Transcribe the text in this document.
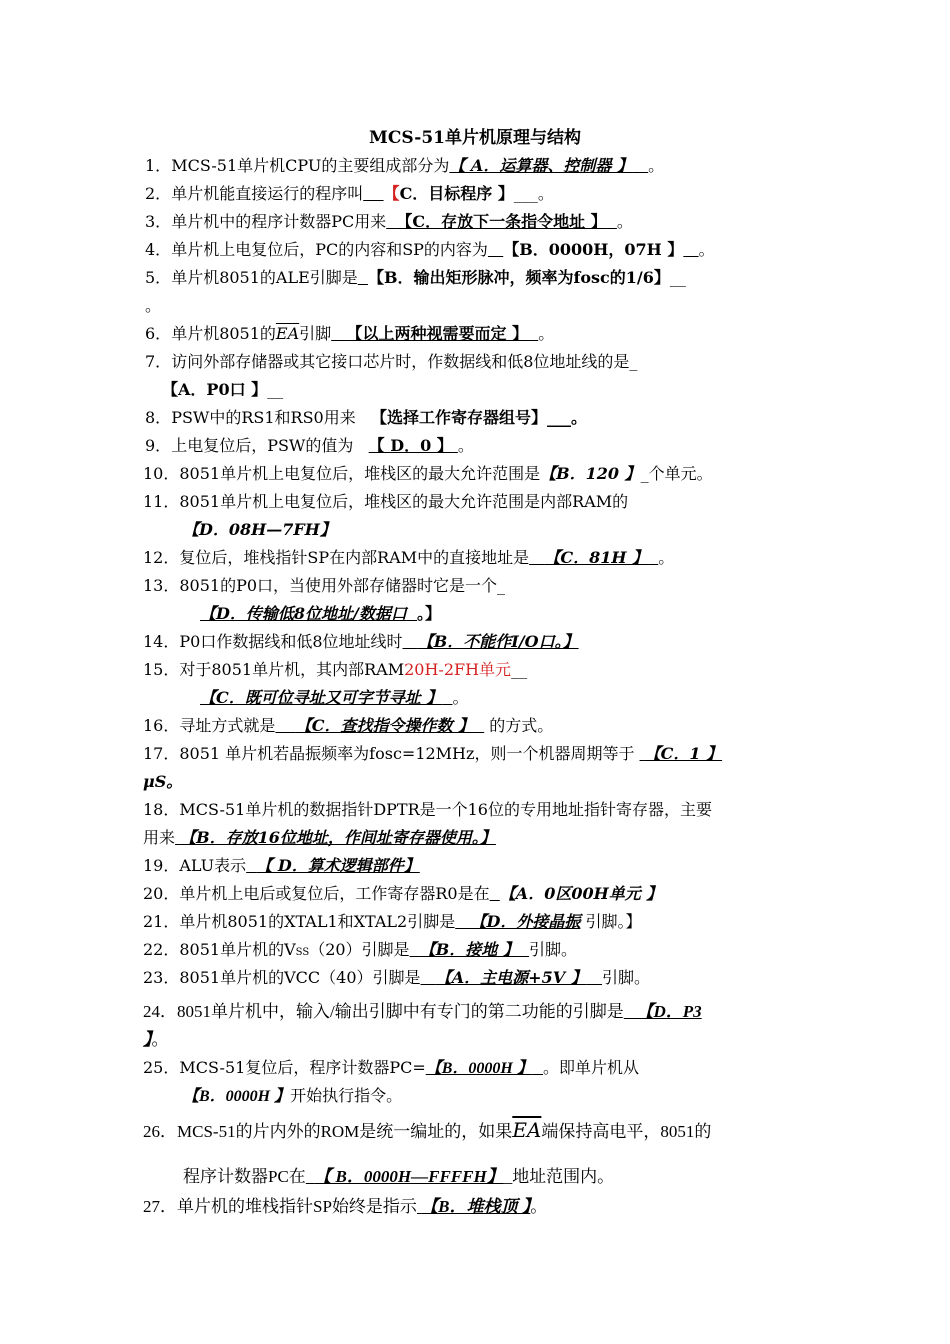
MCS-51单片机原理与结构
1．MCS-51单片机CPU的主要组成部分为【 A．运算器、控制器 】 。
2．单片机能直接运行的程序叫 【C．目标程序 】___。
3．单片机中的程序计数器PC用来 【C．存放下一条指令地址 】 。
4．单片机上电复位后，PC的内容和SP的内容为 【B．0000H，07H 】 。
5．单片机8051的ALE引脚是 【B．输出矩形脉冲，频率为fosc的1/6】__
。
6．单片机8051的$\overline{EA}$引脚 【以上两种视需要而定 】 。
7．访问外部存储器或其它接口芯片时，作数据线和低8位地址线的是_
【A．P0口 】__
8．PSW中的RS1和RS0用来   【选择工作寄存器组号】___。
9．上电复位后，PSW的值为   【 D．0 】 。
10．8051单片机上电复位后，堆栈区的最大允许范围是【B．120 】_个单元。
11．8051单片机上电复位后，堆栈区的最大允许范围是内部RAM的
【D．08H—7FH】
12．复位后，堆栈指针SP在内部RAM中的直接地址是 【C．81H 】 。
13．8051的P0口，当使用外部存储器时它是一个_
【D．传输低8位地址/数据口 。】
14．P0口作数据线和低8位地址线时 【B．不能作I/O口。】
15．对于8051单片机，其内部RAM20H-2FH单元__
【C．既可位寻址又可字节寻址 】 。
16．寻址方式就是 【C．查找指令操作数 】   的方式。
17．8051 单片机若晶振频率为fosc=12MHz，则一个机器周期等于  【C．1 】
μS。
18．MCS-51单片机的数据指针DPTR是一个16位的专用地址指针寄存器，主要
用来 【B．存放16位地址，作间址寄存器使用。】
19．ALU表示 【 D．算术逻辑部件】
20．单片机上电后或复位后，工作寄存器R0是在 【A．0区00H单元 】
21．单片机8051的XTAL1和XTAL2引脚是 【D．外接晶振 引脚。】
22．8051单片机的VSS（20）引脚是 【B．接地 】 引脚。
23．8051单片机的VCC（40）引脚是 【A．主电源+5V 】 引脚。
24．8051单片机中，输入/输出引脚中有专门的第二功能的引脚是 【D．P3
】。
25．MCS-51复位后，程序计数器PC=【B．0000H 】 。即单片机从
【B．0000H 】开始执行指令。
26．MCS-51的片内外的ROM是统一编址的，如果$\overline{EA}$端保持高电平，8051的
程序计数器PC在 【 B．0000H—FFFFH】_地址范围内。
27．单片机的堆栈指针SP始终是指示 【B．堆栈顶 】。
